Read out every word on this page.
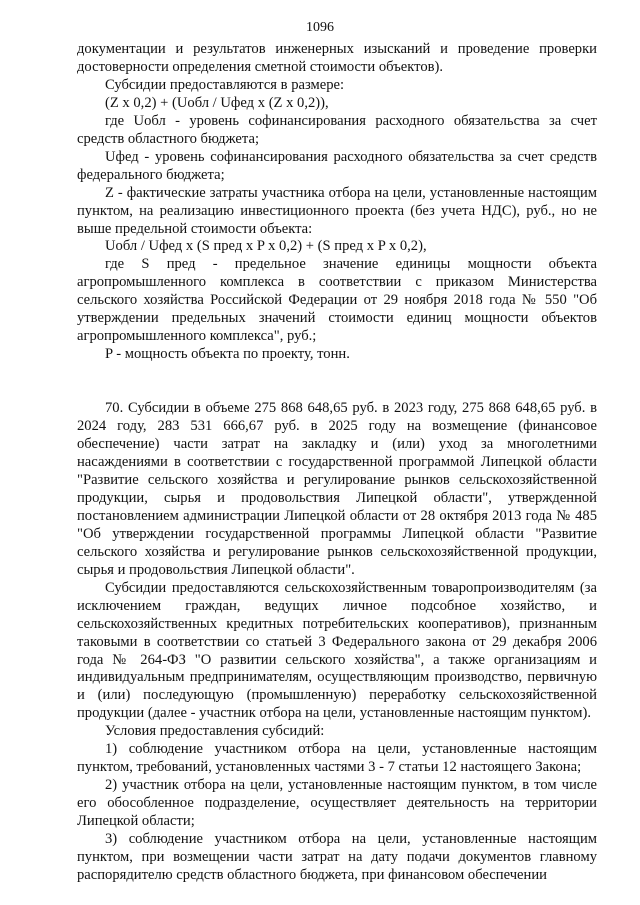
1096

документации и результатов инженерных изысканий и проведение проверки достоверности определения сметной стоимости объектов).

Субсидии предоставляются в размере:

(Z x 0,2) + (Uобл / Uфед x (Z x 0,2)),

где Uобл - уровень софинансирования расходного обязательства за счет средств областного бюджета;

Uфед - уровень софинансирования расходного обязательства за счет средств федерального бюджета;

Z - фактические затраты участника отбора на цели, установленные настоящим пунктом, на реализацию инвестиционного проекта (без учета НДС), руб., но не выше предельной стоимости объекта:

Uобл / Uфед x (S пред x P x 0,2) + (S пред x P x 0,2),

где S пред - предельное значение единицы мощности объекта агропромышленного комплекса в соответствии с приказом Министерства сельского хозяйства Российской Федерации от 29 ноября 2018 года № 550 "Об утверждении предельных значений стоимости единиц мощности объектов агропромышленного комплекса", руб.;

P - мощность объекта по проекту, тонн.

70. Субсидии в объеме 275 868 648,65 руб. в 2023 году, 275 868 648,65 руб. в 2024 году, 283 531 666,67 руб. в 2025 году на возмещение (финансовое обеспечение) части затрат на закладку и (или) уход за многолетними насаждениями в соответствии с государственной программой Липецкой области "Развитие сельского хозяйства и регулирование рынков сельскохозяйственной продукции, сырья и продовольствия Липецкой области", утвержденной постановлением администрации Липецкой области от 28 октября 2013 года № 485 "Об утверждении государственной программы Липецкой области "Развитие сельского хозяйства и регулирование рынков сельскохозяйственной продукции, сырья и продовольствия Липецкой области".

Субсидии предоставляются сельскохозяйственным товаропроизводителям (за исключением граждан, ведущих личное подсобное хозяйство, и сельскохозяйственных кредитных потребительских кооперативов), признанным таковыми в соответствии со статьей 3 Федерального закона от 29 декабря 2006 года № 264-ФЗ "О развитии сельского хозяйства", а также организациям и индивидуальным предпринимателям, осуществляющим производство, первичную и (или) последующую (промышленную) переработку сельскохозяйственной продукции (далее - участник отбора на цели, установленные настоящим пунктом).

Условия предоставления субсидий:

1) соблюдение участником отбора на цели, установленные настоящим пунктом, требований, установленных частями 3 - 7 статьи 12 настоящего Закона;

2) участник отбора на цели, установленные настоящим пунктом, в том числе его обособленное подразделение, осуществляет деятельность на территории Липецкой области;

3) соблюдение участником отбора на цели, установленные настоящим пунктом, при возмещении части затрат на дату подачи документов главному распорядителю средств областного бюджета, при финансовом обеспечении
